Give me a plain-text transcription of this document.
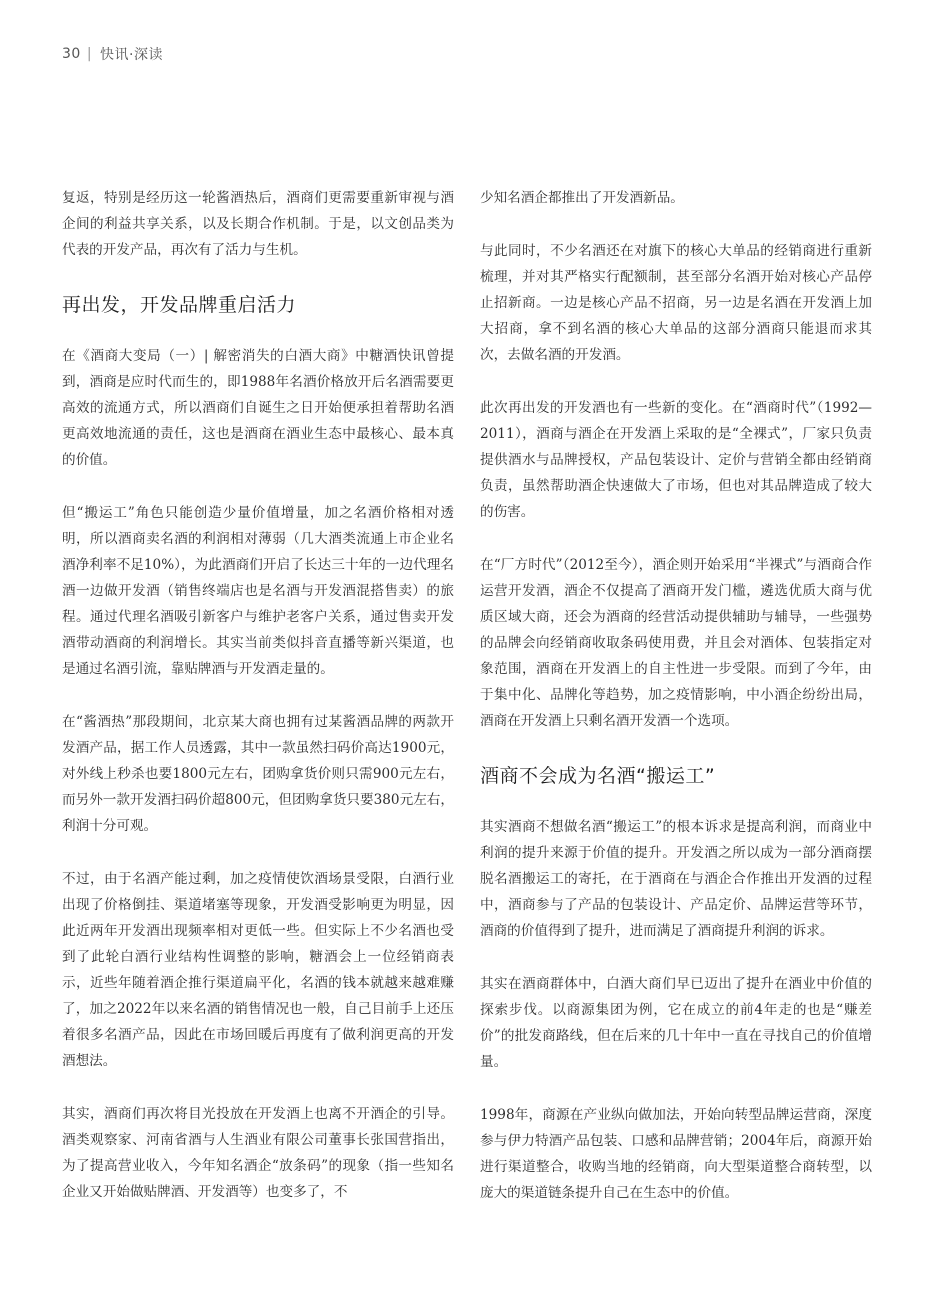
30 | 快讯·深读

复返，特别是经历这一轮酱酒热后，酒商们更需要重新审视与酒企间的利益共享关系，以及长期合作机制。于是，以文创品类为代表的开发产品，再次有了活力与生机。

再出发，开发品牌重启活力

在《酒商大变局（一）| 解密消失的白酒大商》中糖酒快讯曾提到，酒商是应时代而生的，即1988年名酒价格放开后名酒需要更高效的流通方式，所以酒商们自诞生之日开始便承担着帮助名酒更高效地流通的责任，这也是酒商在酒业生态中最核心、最本真的价值。

但“搬运工”角色只能创造少量价值增量，加之名酒价格相对透明，所以酒商卖名酒的利润相对薄弱（几大酒类流通上市企业名酒净利率不足10%），为此酒商们开启了长达三十年的一边代理名酒一边做开发酒（销售终端店也是名酒与开发酒混搭售卖）的旅程。通过代理名酒吸引新客户与维护老客户关系，通过售卖开发酒带动酒商的利润增长。其实当前类似抖音直播等新兴渠道，也是通过名酒引流，靠贴牌酒与开发酒走量的。

在“酱酒热”那段期间，北京某大商也拥有过某酱酒品牌的两款开发酒产品，据工作人员透露，其中一款虽然扫码价高达1900元，对外线上秒杀也要1800元左右，团购拿货价则只需900元左右，而另外一款开发酒扫码价超800元，但团购拿货只要380元左右，利润十分可观。

不过，由于名酒产能过剩，加之疫情使饮酒场景受限，白酒行业出现了价格倒挂、渠道堵塞等现象，开发酒受影响更为明显，因此近两年开发酒出现频率相对更低一些。但实际上不少名酒也受到了此轮白酒行业结构性调整的影响，糖酒会上一位经销商表示，近些年随着酒企推行渠道扁平化，名酒的钱本就越来越难赚了，加之2022年以来名酒的销售情况也一般，自己目前手上还压着很多名酒产品，因此在市场回暖后再度有了做利润更高的开发酒想法。

其实，酒商们再次将目光投放在开发酒上也离不开酒企的引导。酒类观察家、河南省酒与人生酒业有限公司董事长张国营指出，为了提高营业收入，今年知名酒企“放条码”的现象（指一些知名企业又开始做贴牌酒、开发酒等）也变多了，不

少知名酒企都推出了开发酒新品。

与此同时，不少名酒还在对旗下的核心大单品的经销商进行重新梳理，并对其严格实行配额制，甚至部分名酒开始对核心产品停止招新商。一边是核心产品不招商，另一边是名酒在开发酒上加大招商，拿不到名酒的核心大单品的这部分酒商只能退而求其次，去做名酒的开发酒。

此次再出发的开发酒也有一些新的变化。在“酒商时代”（1992—2011），酒商与酒企在开发酒上采取的是“全裸式”，厂家只负责提供酒水与品牌授权，产品包装设计、定价与营销全都由经销商负责，虽然帮助酒企快速做大了市场，但也对其品牌造成了较大的伤害。

在“厂方时代”（2012至今），酒企则开始采用“半裸式”与酒商合作运营开发酒，酒企不仅提高了酒商开发门槛，遴选优质大商与优质区域大商，还会为酒商的经营活动提供辅助与辅导，一些强势的品牌会向经销商收取条码使用费，并且会对酒体、包装指定对象范围，酒商在开发酒上的自主性进一步受限。而到了今年，由于集中化、品牌化等趋势，加之疫情影响，中小酒企纷纷出局，酒商在开发酒上只剩名酒开发酒一个选项。

酒商不会成为名酒“搬运工”

其实酒商不想做名酒“搬运工”的根本诉求是提高利润，而商业中利润的提升来源于价值的提升。开发酒之所以成为一部分酒商摆脱名酒搬运工的寄托，在于酒商在与酒企合作推出开发酒的过程中，酒商参与了产品的包装设计、产品定价、品牌运营等环节，酒商的价值得到了提升，进而满足了酒商提升利润的诉求。

其实在酒商群体中，白酒大商们早已迈出了提升在酒业中价值的探索步伐。以商源集团为例，它在成立的前4年走的也是“赚差价”的批发商路线，但在后来的几十年中一直在寻找自己的价值增量。

1998年，商源在产业纵向做加法，开始向转型品牌运营商，深度参与伊力特酒产品包装、口感和品牌营销；2004年后，商源开始进行渠道整合，收购当地的经销商，向大型渠道整合商转型，以庞大的渠道链条提升自己在生态中的价值。
